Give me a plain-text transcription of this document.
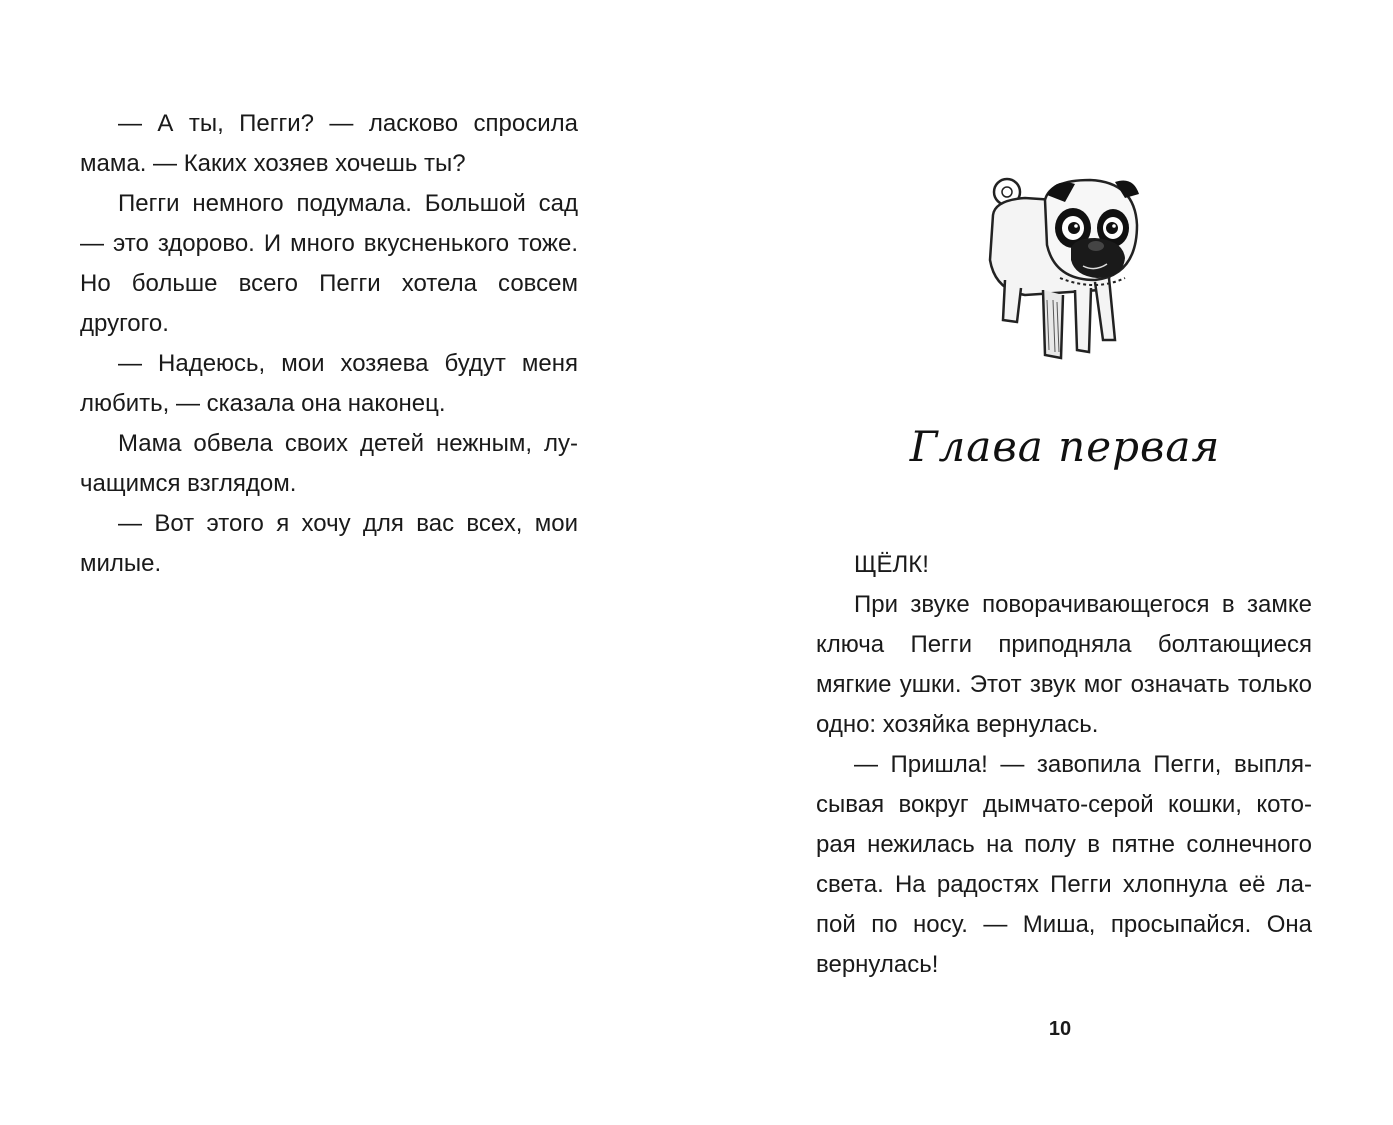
— А ты, Пегги? — ласково спросила мама. — Каких хозяев хочешь ты?

Пегги немного подумала. Большой сад — это здорово. И много вкусненького тоже. Но больше всего Пегги хотела совсем другого.

— Надеюсь, мои хозяева будут меня любить, — сказала она наконец.

Мама обвела своих детей нежным, лучащимся взглядом.

— Вот этого я хочу для вас всех, мои милые.

Глава первая

ЩЁЛК!

При звуке поворачивающегося в замке ключа Пегги приподняла болтающиеся мягкие ушки. Этот звук мог означать только одно: хозяйка вернулась.

— Пришла! — завопила Пегги, выплясывая вокруг дымчато-серой кошки, которая нежилась на полу в пятне солнечного света. На радостях Пегги хлопнула её лапой по носу. — Миша, просыпайся. Она вернулась!

10
